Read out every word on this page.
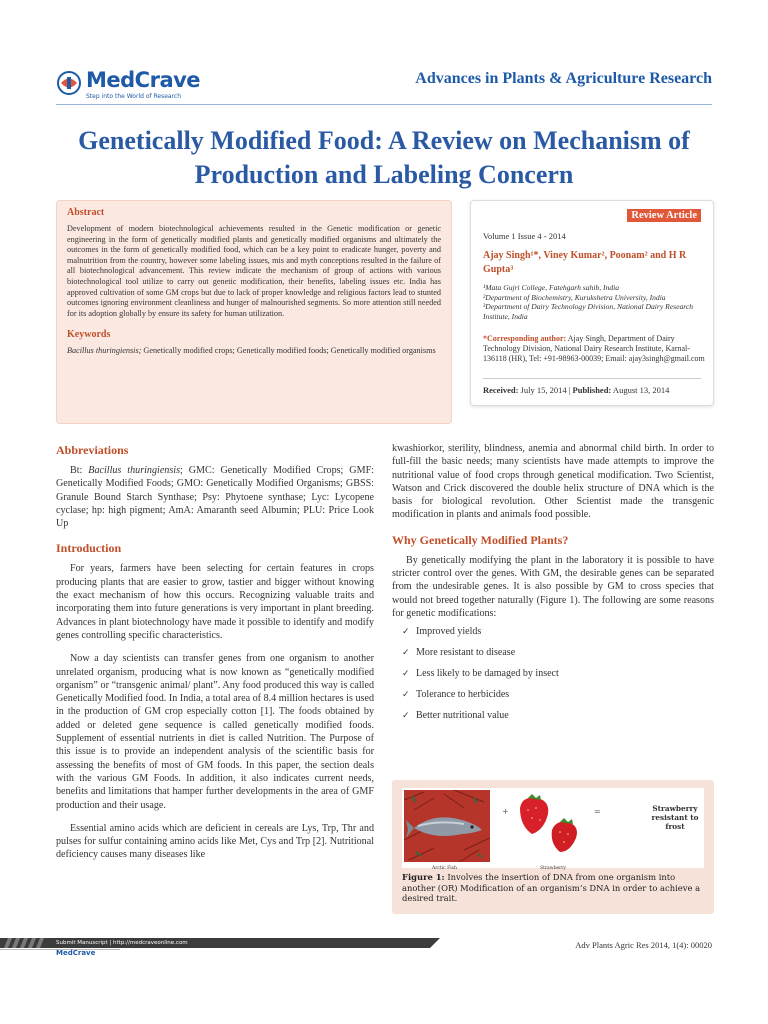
MedCrave
Step into the World of Research
Advances in Plants & Agriculture Research
Genetically Modified Food: A Review on Mechanism of
Production and Labeling Concern
Abstract
Development of modern biotechnological achievements resulted in the Genetic modification or genetic engineering in the form of genetically modified plants and genetically modified organisms and ultimately the outcomes in the form of genetically modified food, which can be a key point to eradicate hunger, poverty and malnutrition from the country, however some labeling issues, mis and myth conceptions resulted in the failure of all biotechnological advancement. This review indicate the mechanism of group of actions with various biotechnological tool utilize to carry out genetic modification, their benefits, labeling issues etc. India has approved cultivation of some GM crops but due to lack of proper knowledge and religious factors lead to stunted outcomes ignoring environment cleanliness and hunger of malnourished segments. So more attention still needed for its adoption globally by ensure its safety for human utilization.
Keywords
Bacillus thuringiensis; Genetically modified crops; Genetically modified foods; Genetically modified organisms
Review Article
Volume 1 Issue 4 - 2014
Ajay Singh¹*, Viney Kumar², Poonam² and H R Gupta³
¹Mata Gujri College, Fatehgarh sahib, India
²Department of Biochemistry, Kurukshetra University, India
³Department of Dairy Technology Division, National Dairy Research Institute, India
*Corresponding author: Ajay Singh, Department of Dairy Technology Division, National Dairy Research Institute, Karnal-136118 (HR), Tel: +91-98963-00039; Email: ajay3singh@gmail.com
Received: July 15, 2014 | Published: August 13, 2014
Abbreviations

Bt: Bacillus thuringiensis; GMC: Genetically Modified Crops; GMF: Genetically Modified Foods; GMO: Genetically Modified Organisms; GBSS: Granule Bound Starch Synthase; Psy: Phytoene synthase; Lyc: Lycopene cyclase; hp: high pigment; AmA: Amaranth seed Albumin; PLU: Price Look Up

Introduction

For years, farmers have been selecting for certain features in crops producing plants that are easier to grow, tastier and bigger without knowing the exact mechanism of how this occurs. Recognizing valuable traits and incorporating them into future generations is very important in plant breeding. Advances in plant biotechnology have made it possible to identify and modify genes controlling specific characteristics.

Now a day scientists can transfer genes from one organism to another unrelated organism, producing what is now known as “genetically modified organism” or “transgenic animal/ plant”. Any food produced this way is called Genetically Modified food. In India, a total area of 8.4 million hectares is used in the production of GM crop especially cotton [1]. The foods obtained by added or deleted gene sequence is called genetically modified foods. Supplement of essential nutrients in diet is called Nutrition. The Purpose of this issue is to provide an independent analysis of the scientific basis for assessing the benefits of most of GM foods. In this paper, the section deals with the various GM Foods. In addition, it also indicates current needs, benefits and limitations that hamper further developments in the area of GMF production and their usage.

Essential amino acids which are deficient in cereals are Lys, Trp, Thr and pulses for sulfur containing amino acids like Met, Cys and Trp [2]. Nutritional deficiency causes many diseases like

kwashiorkor, sterility, blindness, anemia and abnormal child birth. In order to full-fill the basic needs; many scientists have made attempts to improve the nutritional value of food crops through genetical modification. Two Scientist, Watson and Crick discovered the double helix structure of DNA which is the basis for biological revolution. Other Scientist made the transgenic modification in plants and animals food possible.

Why Genetically Modified Plants?

By genetically modifying the plant in the laboratory it is possible to have stricter control over the genes. With GM, the desirable genes can be separated from the undesirable genes. It is also possible by GM to cross species that would not breed together naturally (Figure 1). The following are some reasons for genetic modifications:

✓ Improved yields
✓ More resistant to disease
✓ Less likely to be damaged by insect
✓ Tolerance to herbicides
✓ Better nutritional value
Arctic Fish
+	=
Strawberry
Strawberry resistant to frost
Figure 1: Involves the insertion of DNA from one organism into another (OR) Modification of an organism’s DNA in order to achieve a desired trait.
Submit Manuscript | http://medcraveonline.com
MedCrave
Adv Plants Agric Res 2014, 1(4): 00020
